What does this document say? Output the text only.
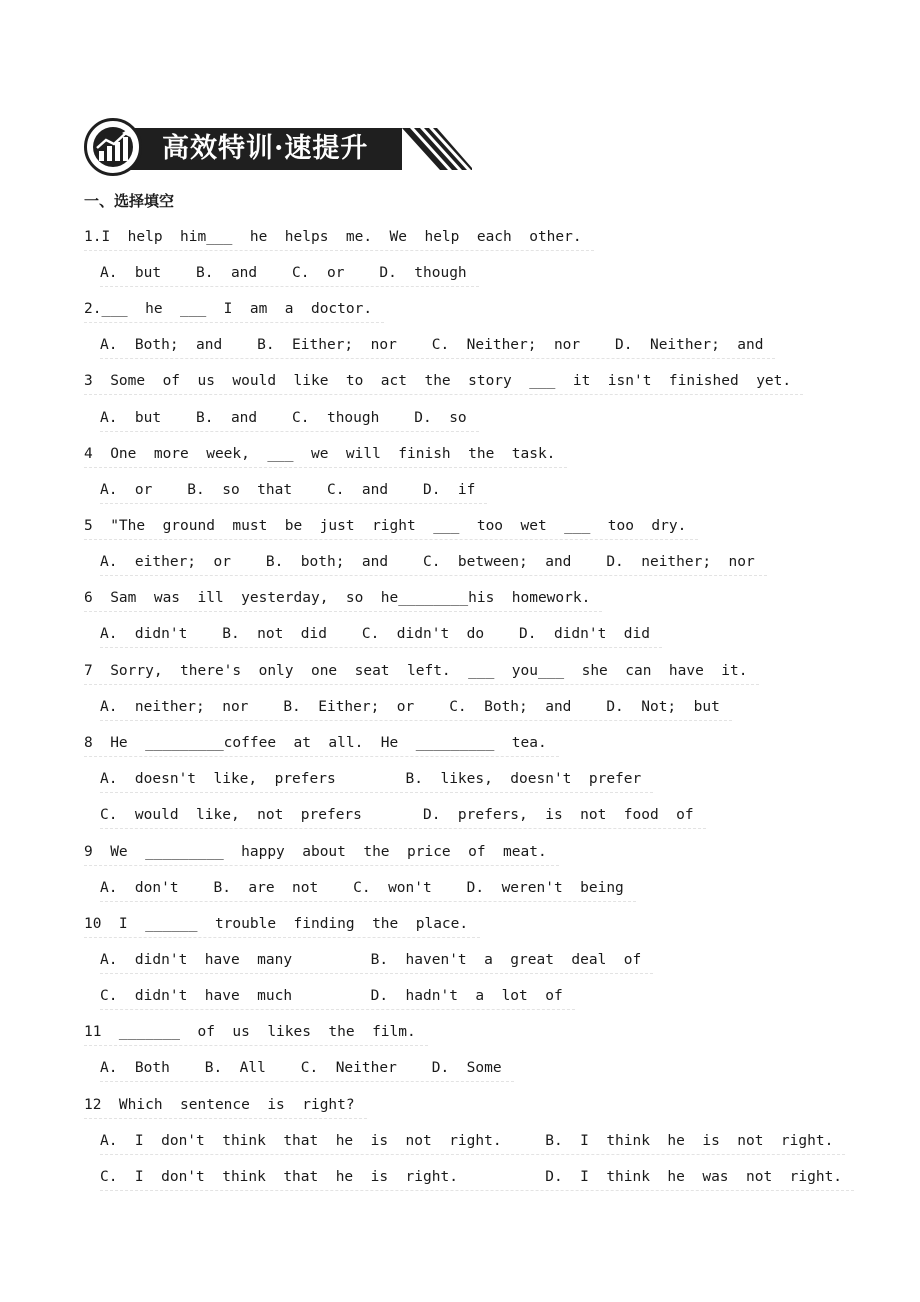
高效特训·速提升
一、选择填空
1.I  help  him___  he  helps  me.  We  help  each  other.
A.  but    B.  and    C.  or    D.  though
2.___  he  ___  I  am  a  doctor.
A.  Both;  and    B.  Either;  nor    C.  Neither;  nor    D.  Neither;  and
3  Some  of  us  would  like  to  act  the  story  ___  it  isn't  finished  yet.
A.  but    B.  and    C.  though    D.  so
4  One  more  week,  ___  we  will  finish  the  task.
A.  or    B.  so  that    C.  and    D.  if
5  "The  ground  must  be  just  right  ___  too  wet  ___  too  dry.
A.  either;  or    B.  both;  and    C.  between;  and    D.  neither;  nor
6  Sam  was  ill  yesterday,  so  he________his  homework.
A.  didn't    B.  not  did    C.  didn't  do    D.  didn't  did
7  Sorry,  there's  only  one  seat  left.  ___  you___  she  can  have  it.
A.  neither;  nor    B.  Either;  or    C.  Both;  and    D.  Not;  but
8  He  _________coffee  at  all.  He  _________  tea.
A.  doesn't  like,  prefers        B.  likes,  doesn't  prefer
C.  would  like,  not  prefers       D.  prefers,  is  not  food  of
9  We  _________  happy  about  the  price  of  meat.
A.  don't    B.  are  not    C.  won't    D.  weren't  being
10  I  ______  trouble  finding  the  place.
A.  didn't  have  many         B.  haven't  a  great  deal  of
C.  didn't  have  much         D.  hadn't  a  lot  of
11  _______  of  us  likes  the  film.
A.  Both    B.  All    C.  Neither    D.  Some
12  Which  sentence  is  right?
A.  I  don't  think  that  he  is  not  right.     B.  I  think  he  is  not  right.
C.  I  don't  think  that  he  is  right.          D.  I  think  he  was  not  right.
